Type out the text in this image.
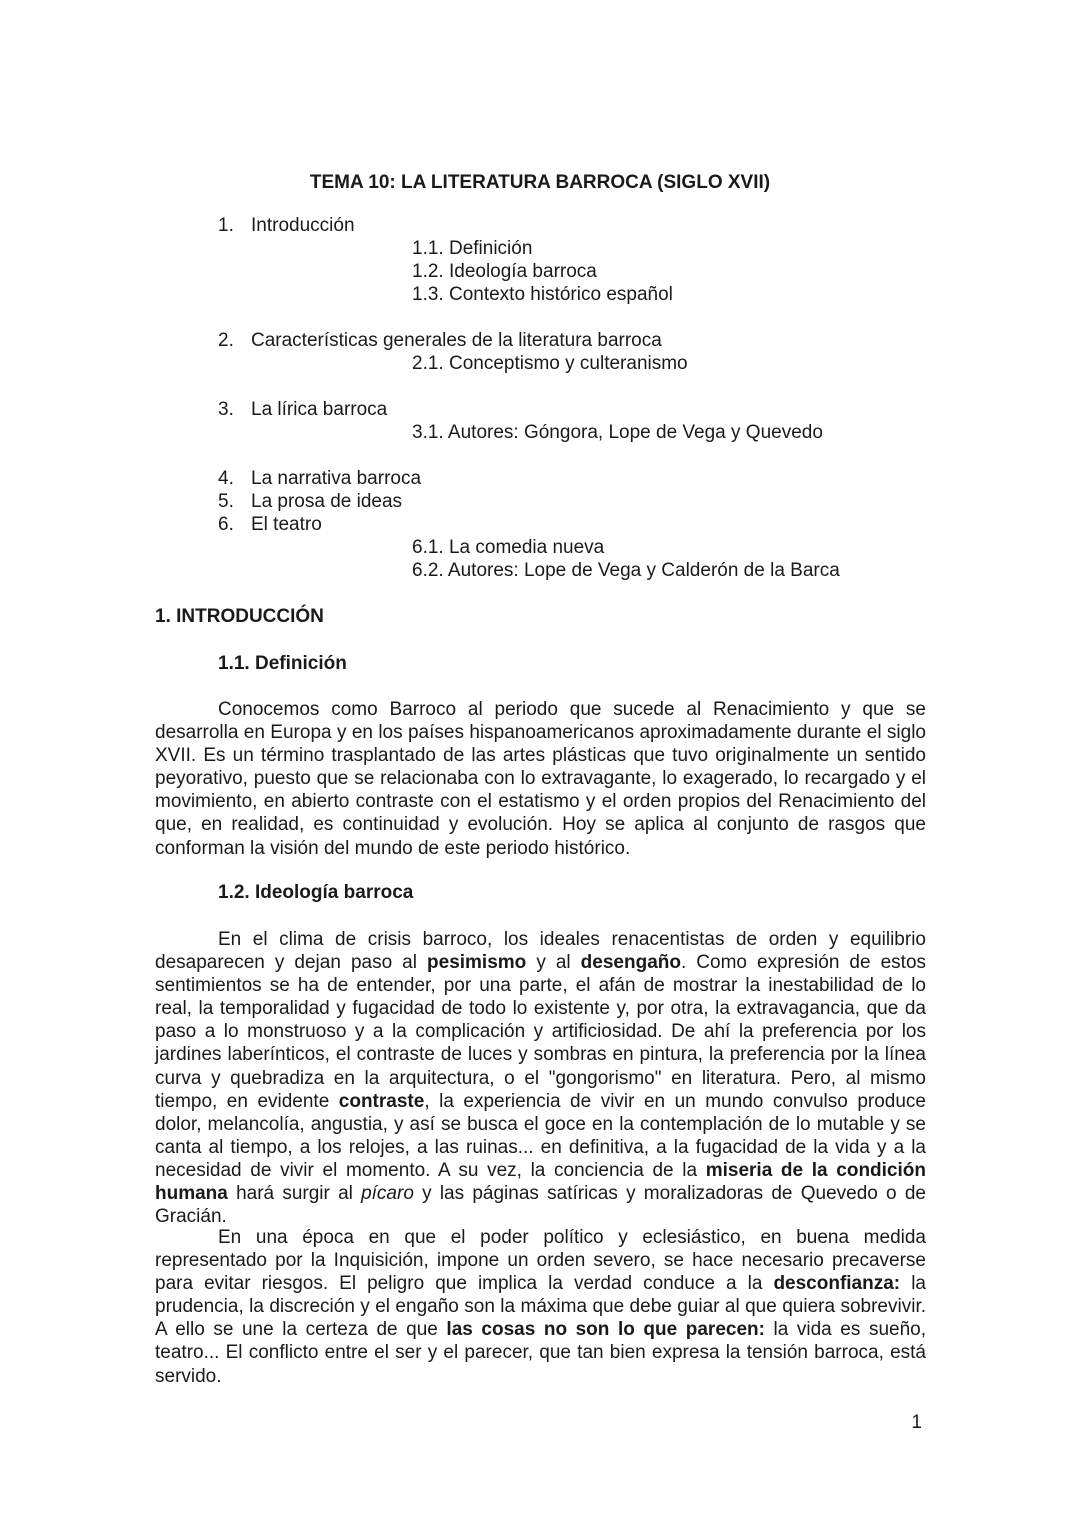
TEMA 10: LA LITERATURA BARROCA (SIGLO XVII)
1. Introducción
1.1. Definición
1.2. Ideología barroca
1.3. Contexto histórico español
2. Características generales de la literatura barroca
2.1. Conceptismo y culteranismo
3. La lírica barroca
3.1. Autores: Góngora, Lope de Vega y Quevedo
4. La narrativa barroca
5. La prosa de ideas
6. El teatro
6.1. La comedia nueva
6.2. Autores: Lope de Vega y Calderón de la Barca
1. INTRODUCCIÓN
1.1. Definición

Conocemos como Barroco al periodo que sucede al Renacimiento y que se desarrolla en Europa y en los países hispanoamericanos aproximadamente durante el siglo XVII. Es un término trasplantado de las artes plásticas que tuvo originalmente un sentido peyorativo, puesto que se relacionaba con lo extravagante, lo exagerado, lo recargado y el movimiento, en abierto contraste con el estatismo y el orden propios del Renacimiento del que, en realidad, es continuidad y evolución. Hoy se aplica al conjunto de rasgos que conforman la visión del mundo de este periodo histórico.

1.2. Ideología barroca

En el clima de crisis barroco, los ideales renacentistas de orden y equilibrio desaparecen y dejan paso al pesimismo y al desengaño. Como expresión de estos sentimientos se ha de entender, por una parte, el afán de mostrar la inestabilidad de lo real, la temporalidad y fugacidad de todo lo existente y, por otra, la extravagancia, que da paso a lo monstruoso y a la complicación y artificiosidad. De ahí la preferencia por los jardines laberínticos, el contraste de luces y sombras en pintura, la preferencia por la línea curva y quebradiza en la arquitectura, o el "gongorismo" en literatura. Pero, al mismo tiempo, en evidente contraste, la experiencia de vivir en un mundo convulso produce dolor, melancolía, angustia, y así se busca el goce en la contemplación de lo mutable y se canta al tiempo, a los relojes, a las ruinas... en definitiva, a la fugacidad de la vida y a la necesidad de vivir el momento. A su vez, la conciencia de la miseria de la condición humana hará surgir al pícaro y las páginas satíricas y moralizadoras de Quevedo o de Gracián.

En una época en que el poder político y eclesiástico, en buena medida representado por la Inquisición, impone un orden severo, se hace necesario precaverse para evitar riesgos. El peligro que implica la verdad conduce a la desconfianza: la prudencia, la discreción y el engaño son la máxima que debe guiar al que quiera sobrevivir. A ello se une la certeza de que las cosas no son lo que parecen: la vida es sueño, teatro... El conflicto entre el ser y el parecer, que tan bien expresa la tensión barroca, está servido.

1
